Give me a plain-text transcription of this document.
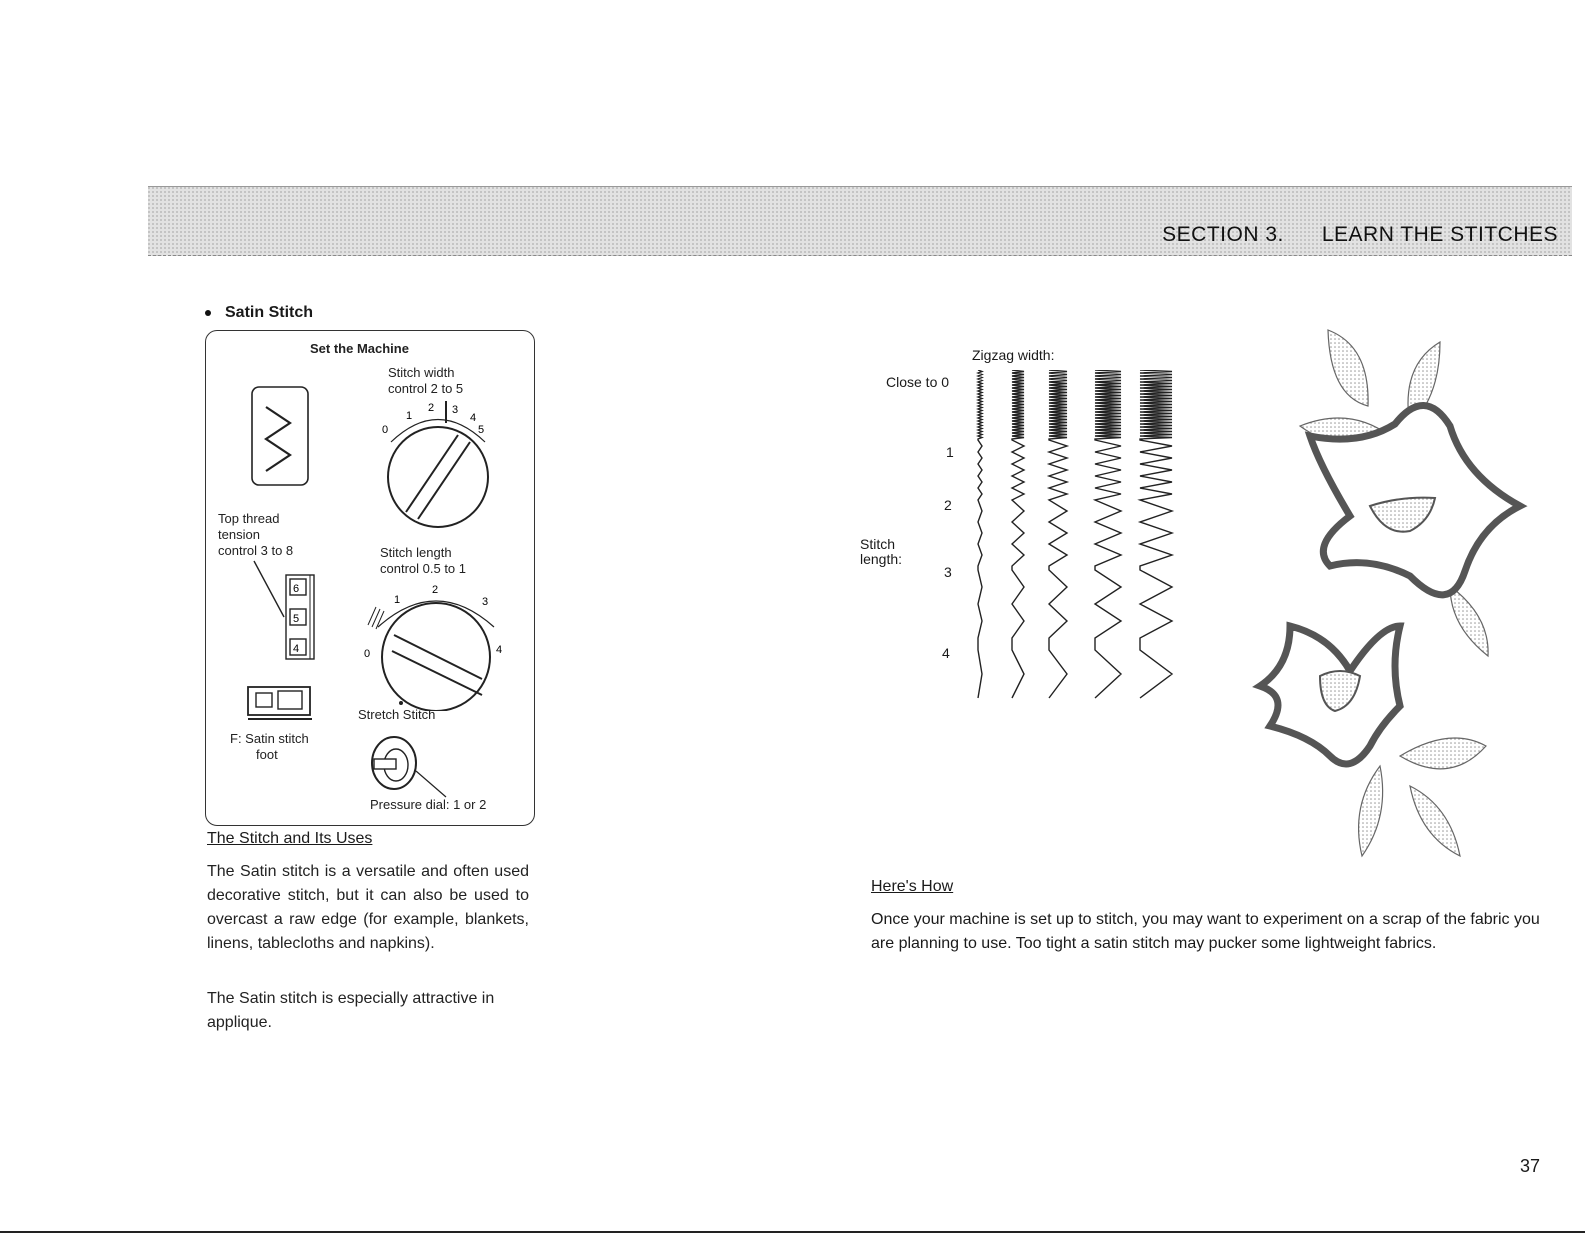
SECTION 3. LEARN THE STITCHES
Satin Stitch
Set the Machine
Stitch width
control 2 to 5
0
1
2 3
4
5
Top thread
tension
control 3 to 8
6
5
4
Stitch length
control 0.5 to 1
0
1
2
3
4
Stretch Stitch
F: Satin stitch
foot
Pressure dial: 1 or 2
The Stitch and Its Uses
The Satin stitch is a versatile and often used decorative stitch, but it can also be used to overcast a raw edge (for example, blankets, linens, tablecloths and napkins).
The Satin stitch is especially attractive in applique.
Zigzag width:
Close to 0
1
2
3
4
Stitch
length:
Here's How
Once your machine is set up to stitch, you may want to experiment on a scrap of the fabric you are planning to use. Too tight a satin stitch may pucker some lightweight fabrics.
37
